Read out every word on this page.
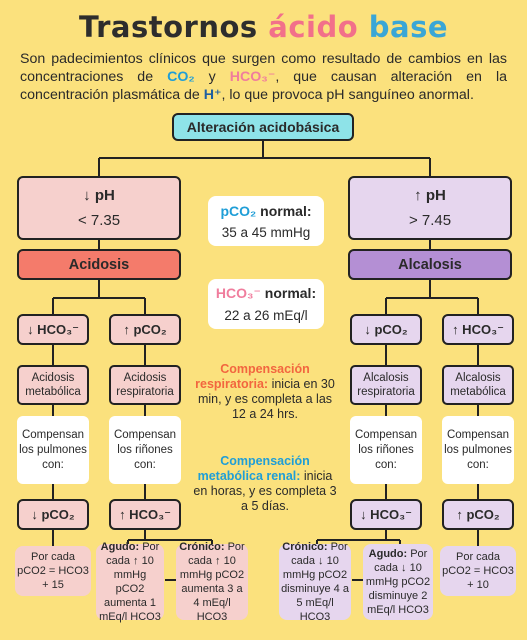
Trastornos ácido base
Son padecimientos clínicos que surgen como resultado de cambios en las concentraciones de CO₂ y HCO₃⁻, que causan alteración en la concentración plasmática de H⁺, lo que provoca pH sanguíneo anormal.
Alteración acidobásica
↓ pH
< 7.35
↑ pH
> 7.45
Acidosis	Alcalosis
↓ HCO₃⁻	↑ pCO₂	↓ pCO₂	↑ HCO₃⁻
Acidosis metabólica
Acidosis respiratoria
Alcalosis respiratoria
Alcalosis metabólica
Compensan los pulmones con:
Compensan los riñones con:
Compensan los riñones con:
Compensan los pulmones con:
↓ pCO₂	↑ HCO₃⁻	↓ HCO₃⁻	↑ pCO₂
Por cada pCO2 = HCO3 + 15
Agudo: Por cada ↑ 10 mmHg pCO2 aumenta 1 mEq/l HCO3
Crónico: Por cada ↑ 10 mmHg pCO2 aumenta 3 a 4 mEq/l HCO3
Crónico: Por cada ↓ 10 mmHg pCO2 disminuye 4 a 5 mEq/l HCO3
Agudo: Por cada ↓ 10 mmHg pCO2 disminuye 2 mEq/l HCO3
Por cada pCO2 = HCO3 + 10
pCO₂ normal:
35 a 45 mmHg
HCO₃⁻ normal:
22 a 26 mEq/l
Compensación respiratoria: inicia en 30 min, y es completa a las 12 a 24 hrs.
Compensación metabólica renal: inicia en horas, y es completa 3 a 5 días.
